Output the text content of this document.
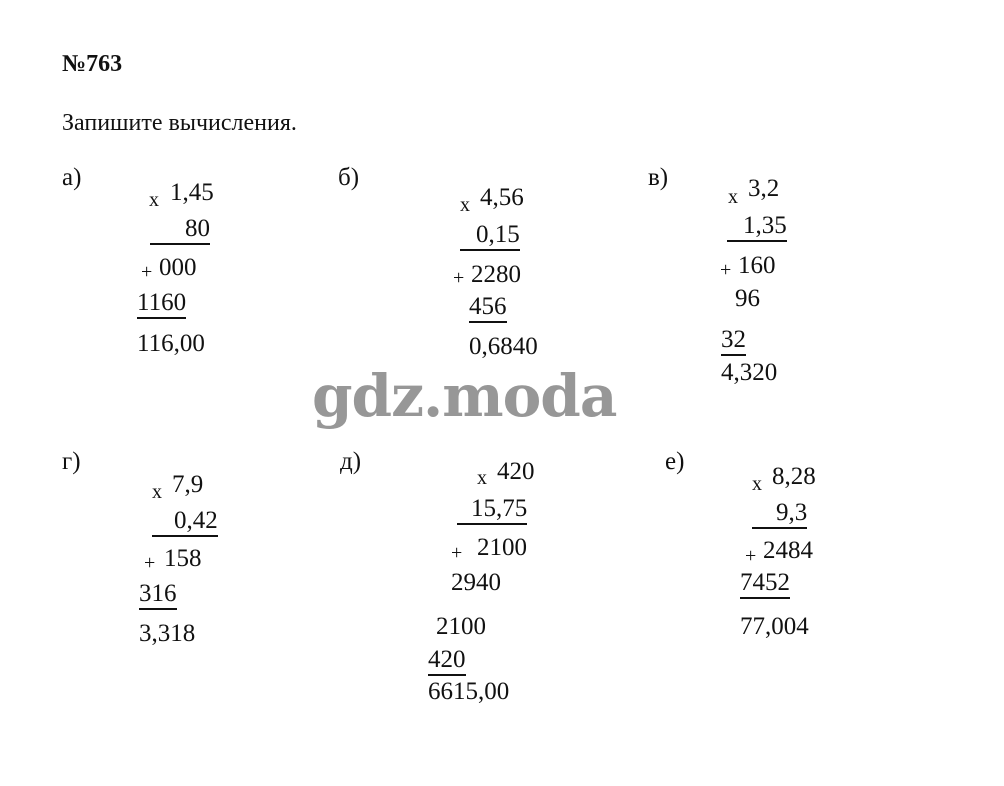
№763
Запишите вычисления.
а)
х 1,45
80
+ 000
1160
116,00
б)
х 4,56
0,15
+ 2280
456
0,6840
в)
х 3,2
1,35
+ 160
96
32
4,320
gdz.moda
г)
х 7,9
0,42
+ 158
316
3,318
д)
х 420
15,75
+ 2100
2940
2100
420
6615,00
е)
х 8,28
9,3
+ 2484
7452
77,004
